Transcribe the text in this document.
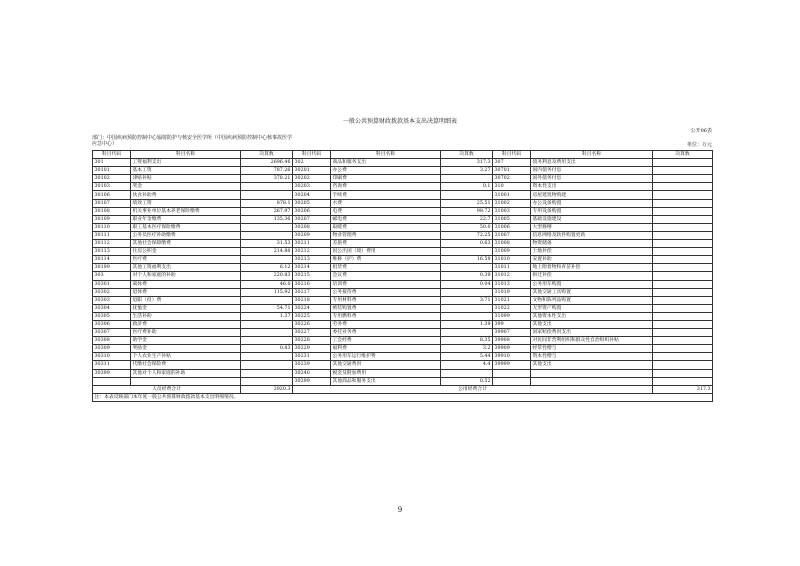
一般公共预算财政拨款基本支出决算明细表
公开06表
部门：中国疾病预防控制中心辐射防护与核安全医学所（中国疾病预防控制中心核事故医学应急中心）	单位：万元
科目代码	科目名称	决算数	科目代码	科目名称	决算数	科目代码	科目名称	决算数
301	工资福利支出	2696.46	302	商品和服务支出	317.3	307	债务利息及费用支出	
30101	基本工资	787.26	30201	办公费	3.27	30701	国内债务付息	
30102	津贴补贴	378.21	30202	印刷费		30702	国外债务付息	
30103	奖金		30203	咨询费	0.1	310	资本性支出	
30106	伙食补助费		30204	手续费		31001	房屋建筑物购建	
30107	绩效工资	878.1	30205	水费	25.51	31002	办公设备购置	
30108	机关事业单位基本养老保险缴费	267.97	30206	电费	98.72	31003	专用设备购置	
30109	职业年金缴费	135.36	30207	邮电费	22.7	31005	基础设施建设	
30110	职工基本医疗保险缴费		30208	取暖费	50.0	31006	大型修缮	
30111	公务员医疗补助缴费		30209	物业管理费	72.25	31007	信息网络及软件购置更新	
30112	其他社会保障缴费	31.53	30211	差旅费	0.63	31008	物资储备	
30113	住房公积金	214.88	30212	因公出国（境）费用		31009	土地补偿	
30114	医疗费		30213	维修（护）费	16.59	31010	安置补助	
30199	其他工资福利支出	6.12	30214	租赁费		31011	地上附着物和青苗补偿	
303	对个人和家庭的补助	220.83	30215	会议费	0.39	31012	拆迁补偿	
30301	离休费	46.0	30216	培训费	0.04	31013	公务用车购置	
30302	退休费	115.92	30217	公务接待费		31019	其他交通工具购置	
30303	退职（役）费		30218	专用材料费	3.71	31021	文物和陈列品购置	
30304	抚恤金	54.71	30224	被装购置费		31022	无形资产购置	
30305	生活补助	1.37	30225	专用燃料费		31099	其他资本性支出	
30306	救济费		30226	劳务费	1.39	399	其他支出	
30307	医疗费补助		30227	委托业务费		39907	国家赔偿费用支出	
30308	助学金		30228	工会经费	8.35	39908	对民间非营利组织和群众性自治组织补贴	
30309	奖励金	0.83	30229	福利费	3.2	39909	经常性赠与	
30310	个人农业生产补贴		30231	公务用车运行维护费	5.44	39910	资本性赠与	
30311	代缴社会保险费		30239	其他交通费用	4.4	39999	其他支出	
30399	其他对个人和家庭的补助		30240	税金及附加费用				
			30299	其他商品和服务支出	0.52			
人员经费合计		2920.3	公用经费合计					317.3
注：本表反映部门本年度一般公共预算财政拨款基本支出明细情况。								
9
